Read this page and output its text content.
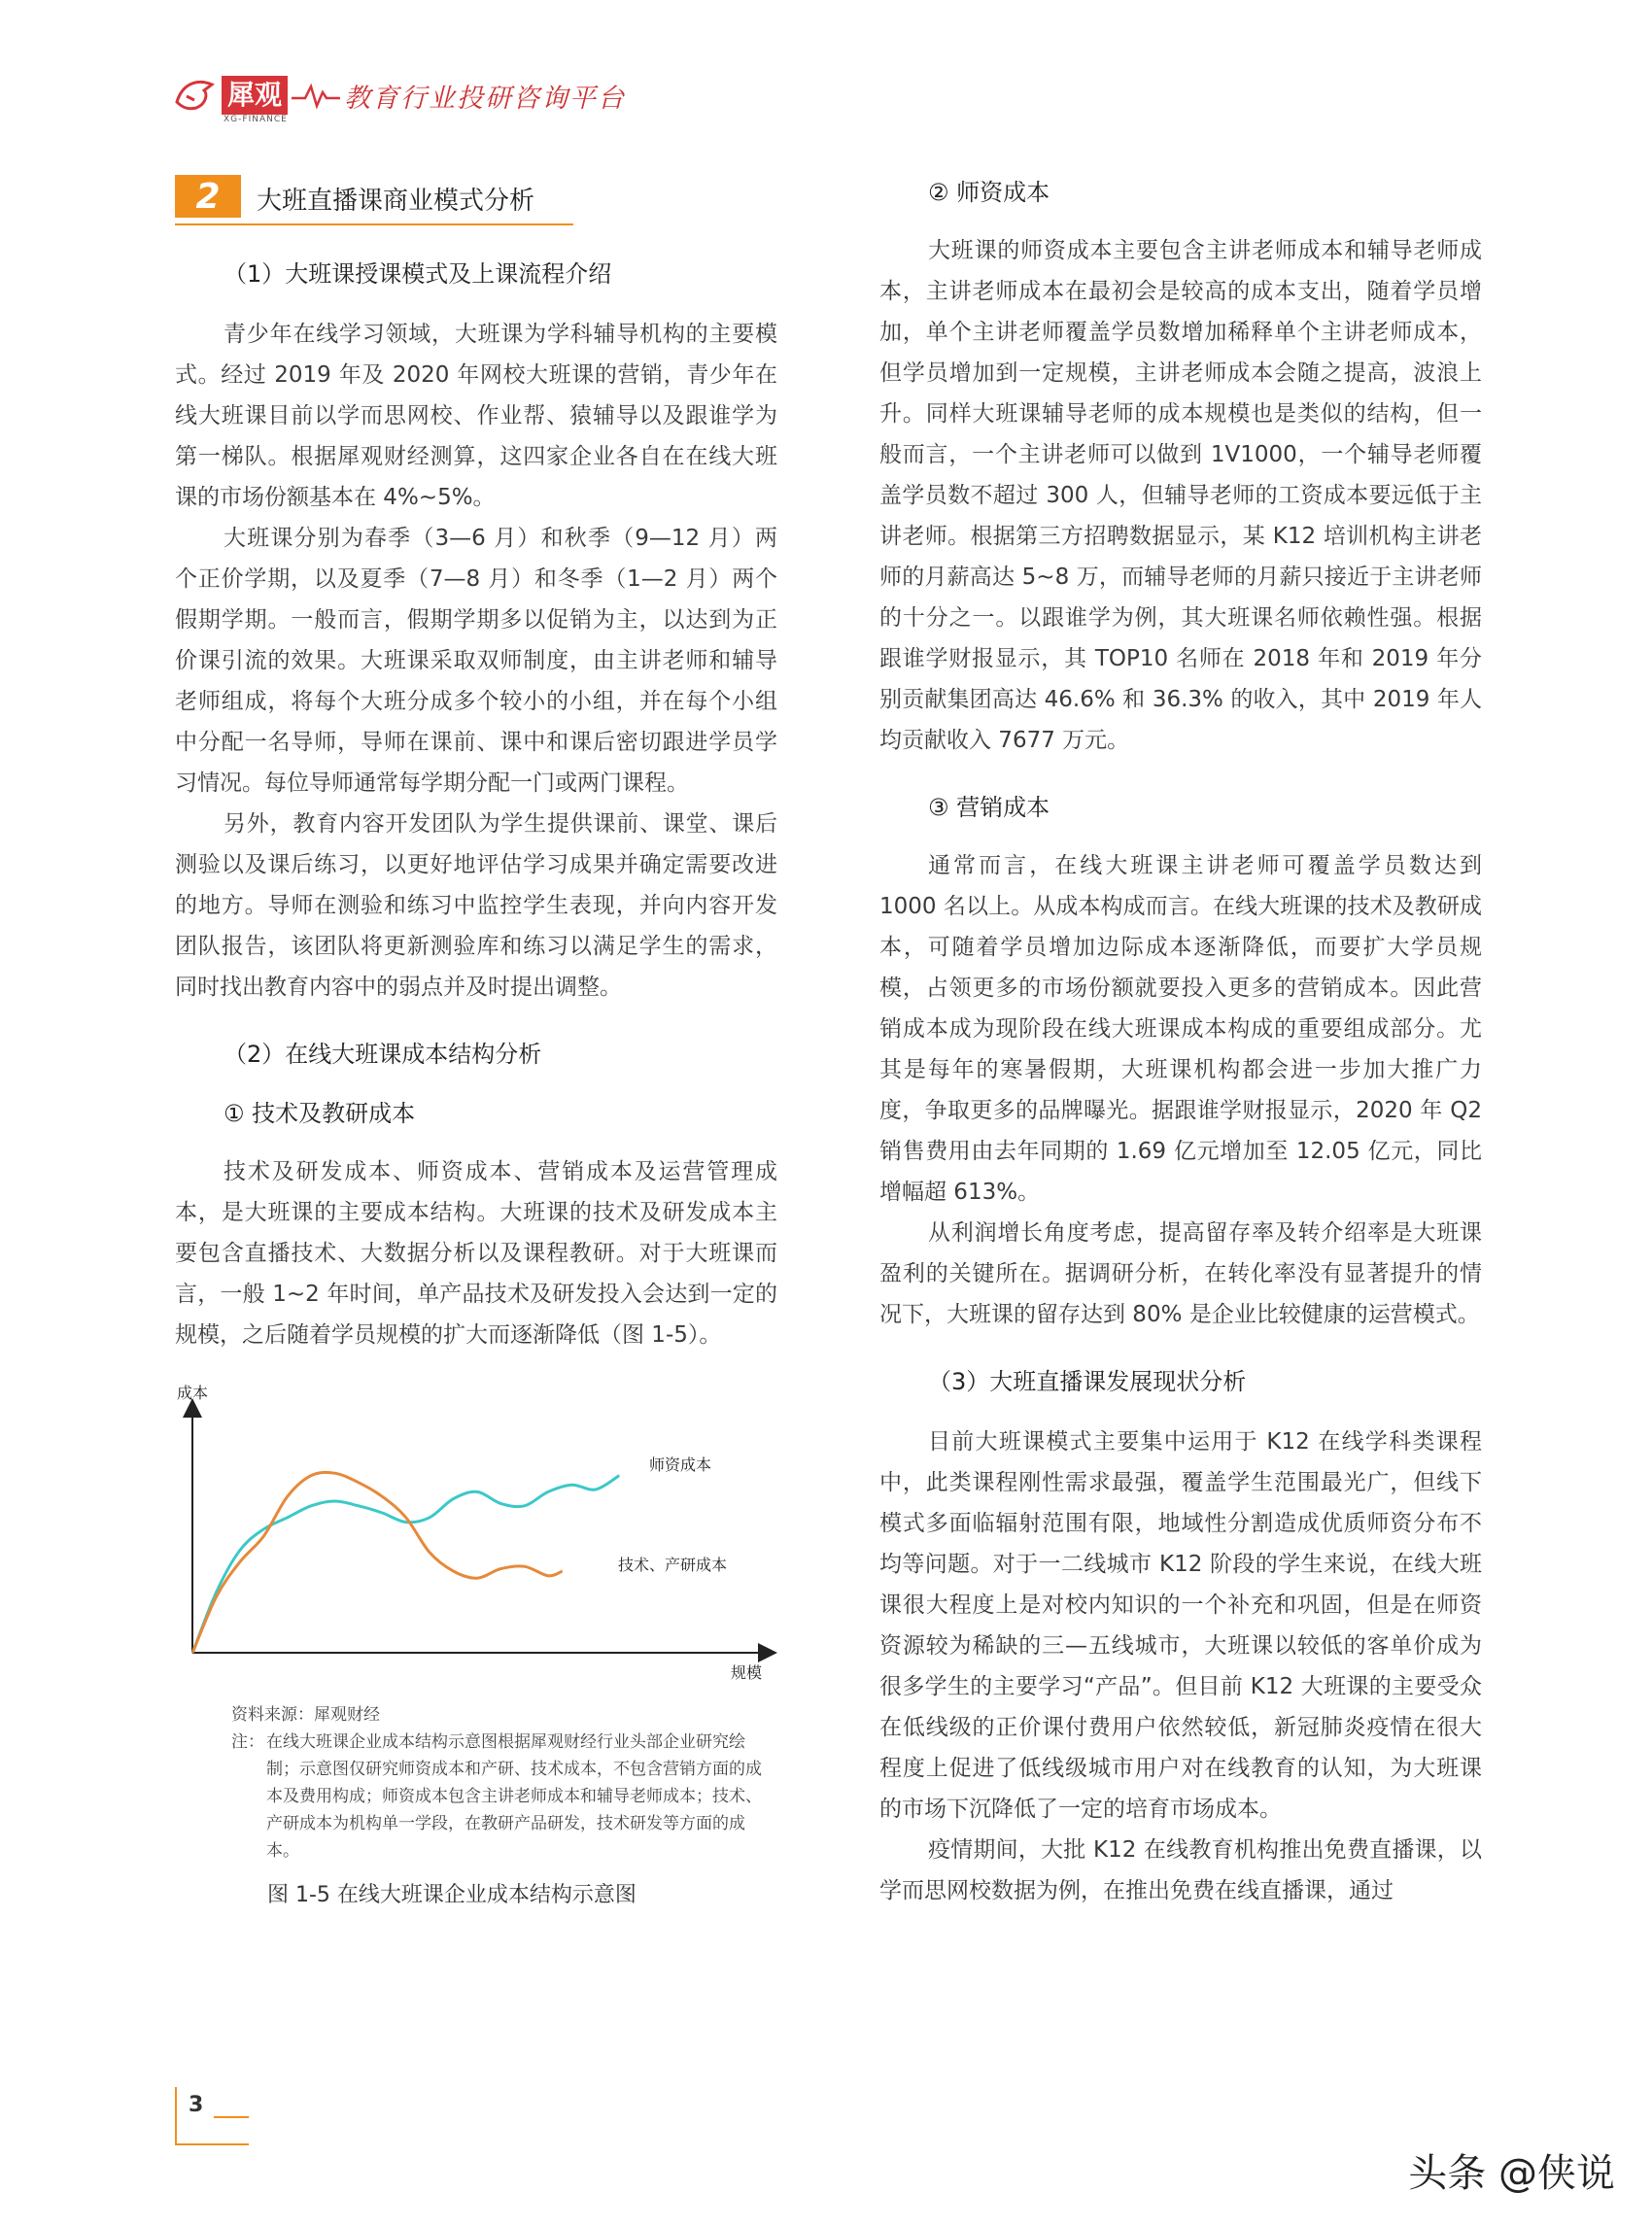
犀观
XG-FINANCE
教育行业投研咨询平台
2	大班直播课商业模式分析
（1）大班课授课模式及上课流程介绍

青少年在线学习领域，大班课为学科辅导机构的主要模式。经过 2019 年及 2020 年网校大班课的营销，青少年在线大班课目前以学而思网校、作业帮、猿辅导以及跟谁学为第一梯队。根据犀观财经测算，这四家企业各自在在线大班课的市场份额基本在 4%~5%。

大班课分别为春季（3—6 月）和秋季（9—12 月）两个正价学期，以及夏季（7—8 月）和冬季（1—2 月）两个假期学期。一般而言，假期学期多以促销为主，以达到为正价课引流的效果。大班课采取双师制度，由主讲老师和辅导老师组成，将每个大班分成多个较小的小组，并在每个小组中分配一名导师，导师在课前、课中和课后密切跟进学员学习情况。每位导师通常每学期分配一门或两门课程。

另外，教育内容开发团队为学生提供课前、课堂、课后测验以及课后练习，以更好地评估学习成果并确定需要改进的地方。导师在测验和练习中监控学生表现，并向内容开发团队报告，该团队将更新测验库和练习以满足学生的需求，同时找出教育内容中的弱点并及时提出调整。

（2）在线大班课成本结构分析
① 技术及教研成本

技术及研发成本、师资成本、营销成本及运营管理成本，是大班课的主要成本结构。大班课的技术及研发成本主要包含直播技术、大数据分析以及课程教研。对于大班课而言，一般 1~2 年时间，单产品技术及研发投入会达到一定的规模，之后随着学员规模的扩大而逐渐降低（图 1-5）。

成本
规模
师资成本
技术、产研成本
资料来源：犀观财经
注： 在线大班课企业成本结构示意图根据犀观财经行业头部企业研究绘制；示意图仅研究师资成本和产研、技术成本，不包含营销方面的成本及费用构成；师资成本包含主讲老师成本和辅导老师成本；技术、产研成本为机构单一学段，在教研产品研发，技术研发等方面的成本。
图 1-5 在线大班课企业成本结构示意图
② 师资成本

大班课的师资成本主要包含主讲老师成本和辅导老师成本，主讲老师成本在最初会是较高的成本支出，随着学员增加，单个主讲老师覆盖学员数增加稀释单个主讲老师成本，但学员增加到一定规模，主讲老师成本会随之提高，波浪上升。同样大班课辅导老师的成本规模也是类似的结构，但一般而言，一个主讲老师可以做到 1V1000，一个辅导老师覆盖学员数不超过 300 人，但辅导老师的工资成本要远低于主讲老师。根据第三方招聘数据显示，某 K12 培训机构主讲老师的月薪高达 5~8 万，而辅导老师的月薪只接近于主讲老师的十分之一。以跟谁学为例，其大班课名师依赖性强。根据跟谁学财报显示，其 TOP10 名师在 2018 年和 2019 年分别贡献集团高达 46.6% 和 36.3% 的收入，其中 2019 年人均贡献收入 7677 万元。

③ 营销成本

通常而言，在线大班课主讲老师可覆盖学员数达到 1000 名以上。从成本构成而言。在线大班课的技术及教研成本，可随着学员增加边际成本逐渐降低，而要扩大学员规模，占领更多的市场份额就要投入更多的营销成本。因此营销成本成为现阶段在线大班课成本构成的重要组成部分。尤其是每年的寒暑假期，大班课机构都会进一步加大推广力度，争取更多的品牌曝光。据跟谁学财报显示，2020 年 Q2 销售费用由去年同期的 1.69 亿元增加至 12.05 亿元，同比增幅超 613%。

从利润增长角度考虑，提高留存率及转介绍率是大班课盈利的关键所在。据调研分析，在转化率没有显著提升的情况下，大班课的留存达到 80% 是企业比较健康的运营模式。

（3）大班直播课发展现状分析

目前大班课模式主要集中运用于 K12 在线学科类课程中，此类课程刚性需求最强，覆盖学生范围最光广，但线下模式多面临辐射范围有限，地域性分割造成优质师资分布不均等问题。对于一二线城市 K12 阶段的学生来说，在线大班课很大程度上是对校内知识的一个补充和巩固，但是在师资资源较为稀缺的三—五线城市，大班课以较低的客单价成为很多学生的主要学习“产品”。但目前 K12 大班课的主要受众在低线级的正价课付费用户依然较低，新冠肺炎疫情在很大程度上促进了低线级城市用户对在线教育的认知，为大班课的市场下沉降低了一定的培育市场成本。

疫情期间，大批 K12 在线教育机构推出免费直播课，以学而思网校数据为例，在推出免费在线直播课，通过

3
头条 @侠说
